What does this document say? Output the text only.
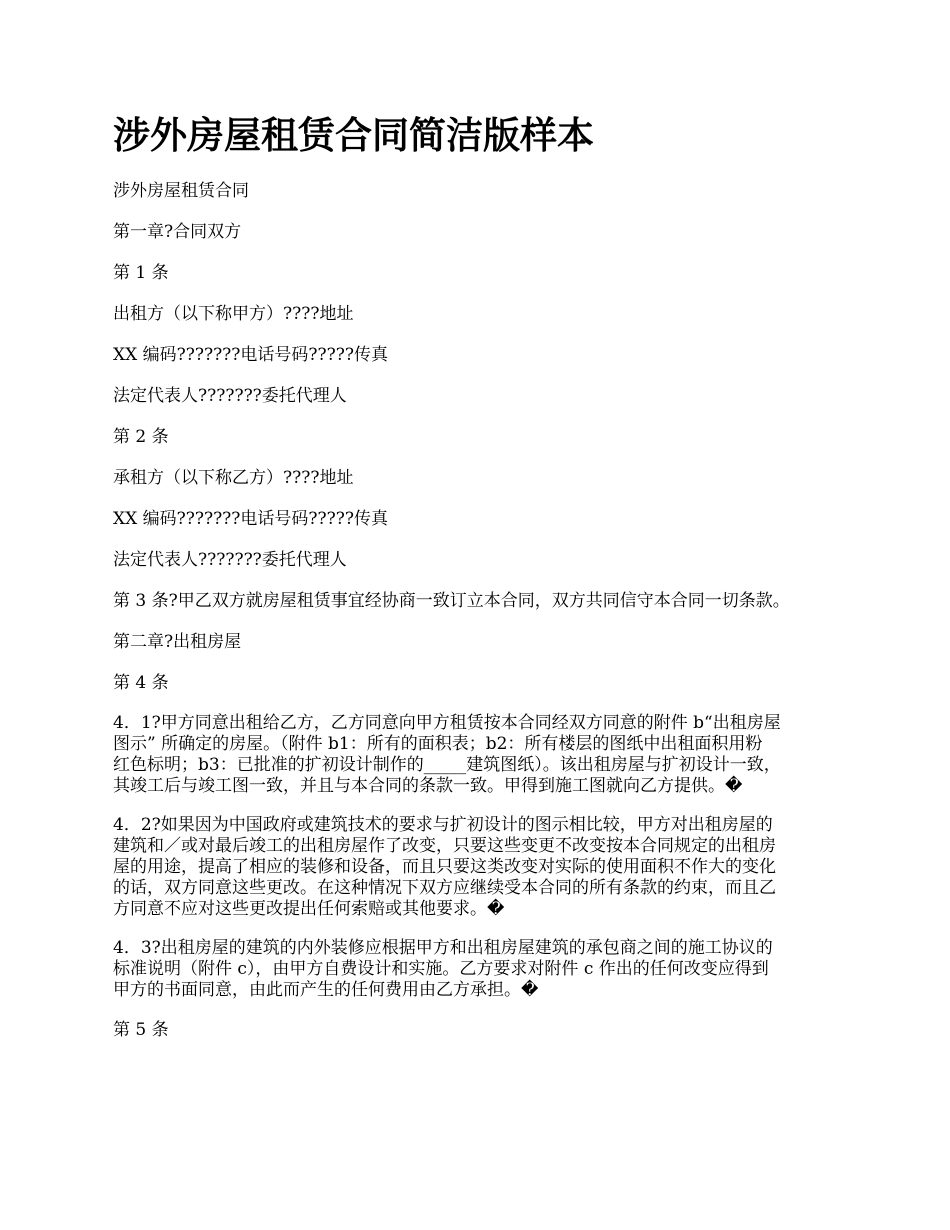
涉外房屋租赁合同简洁版样本

涉外房屋租赁合同

第一章?合同双方

第 1 条

出租方（以下称甲方）????地址

XX 编码???????电话号码?????传真

法定代表人???????委托代理人

第 2 条

承租方（以下称乙方）????地址

XX 编码???????电话号码?????传真

法定代表人???????委托代理人

第 3 条?甲乙双方就房屋租赁事宜经协商一致订立本合同，双方共同信守本合同一切条款。

第二章?出租房屋

第 4 条

4．1?甲方同意出租给乙方，乙方同意向甲方租赁按本合同经双方同意的附件 b“出租房屋
图示” 所确定的房屋。（附件 b1：所有的面积表；b2：所有楼层的图纸中出租面积用粉
红色标明；b3：已批准的扩初设计制作的_____建筑图纸）。该出租房屋与扩初设计一致，
其竣工后与竣工图一致，并且与本合同的条款一致。甲得到施工图就向乙方提供。�

4．2?如果因为中国政府或建筑技术的要求与扩初设计的图示相比较，甲方对出租房屋的
建筑和／或对最后竣工的出租房屋作了改变，只要这些变更不改变按本合同规定的出租房
屋的用途，提高了相应的装修和设备，而且只要这类改变对实际的使用面积不作大的变化
的话，双方同意这些更改。在这种情况下双方应继续受本合同的所有条款的约束，而且乙
方同意不应对这些更改提出任何索赔或其他要求。�

4．3?出租房屋的建筑的内外装修应根据甲方和出租房屋建筑的承包商之间的施工协议的
标准说明（附件 c），由甲方自费设计和实施。乙方要求对附件 c 作出的任何改变应得到
甲方的书面同意，由此而产生的任何费用由乙方承担。�

第 5 条
